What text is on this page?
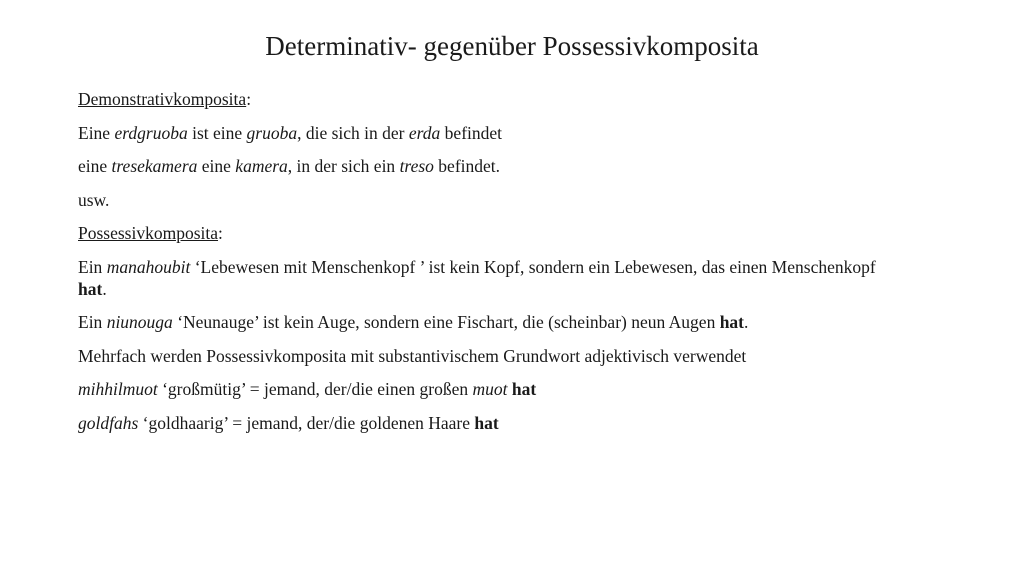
Determinativ- gegenüber Possessivkomposita

Demonstrativkomposita:

Eine erdgruoba ist eine gruoba, die sich in der erda befindet

eine tresekamera eine kamera, in der sich ein treso befindet.

usw.

Possessivkomposita:

Ein manahoubit ‘Lebewesen mit Menschenkopf ’ ist kein Kopf, sondern ein Lebewesen, das einen Menschenkopf hat.

Ein niunouga ‘Neunauge’ ist kein Auge, sondern eine Fischart, die (scheinbar) neun Augen hat.

Mehrfach werden Possessivkomposita mit substantivischem Grundwort adjektivisch verwendet

mihhilmuot ‘großmütig’ = jemand, der/die einen großen muot hat

goldfahs ‘goldhaarig’ = jemand, der/die goldenen Haare hat
